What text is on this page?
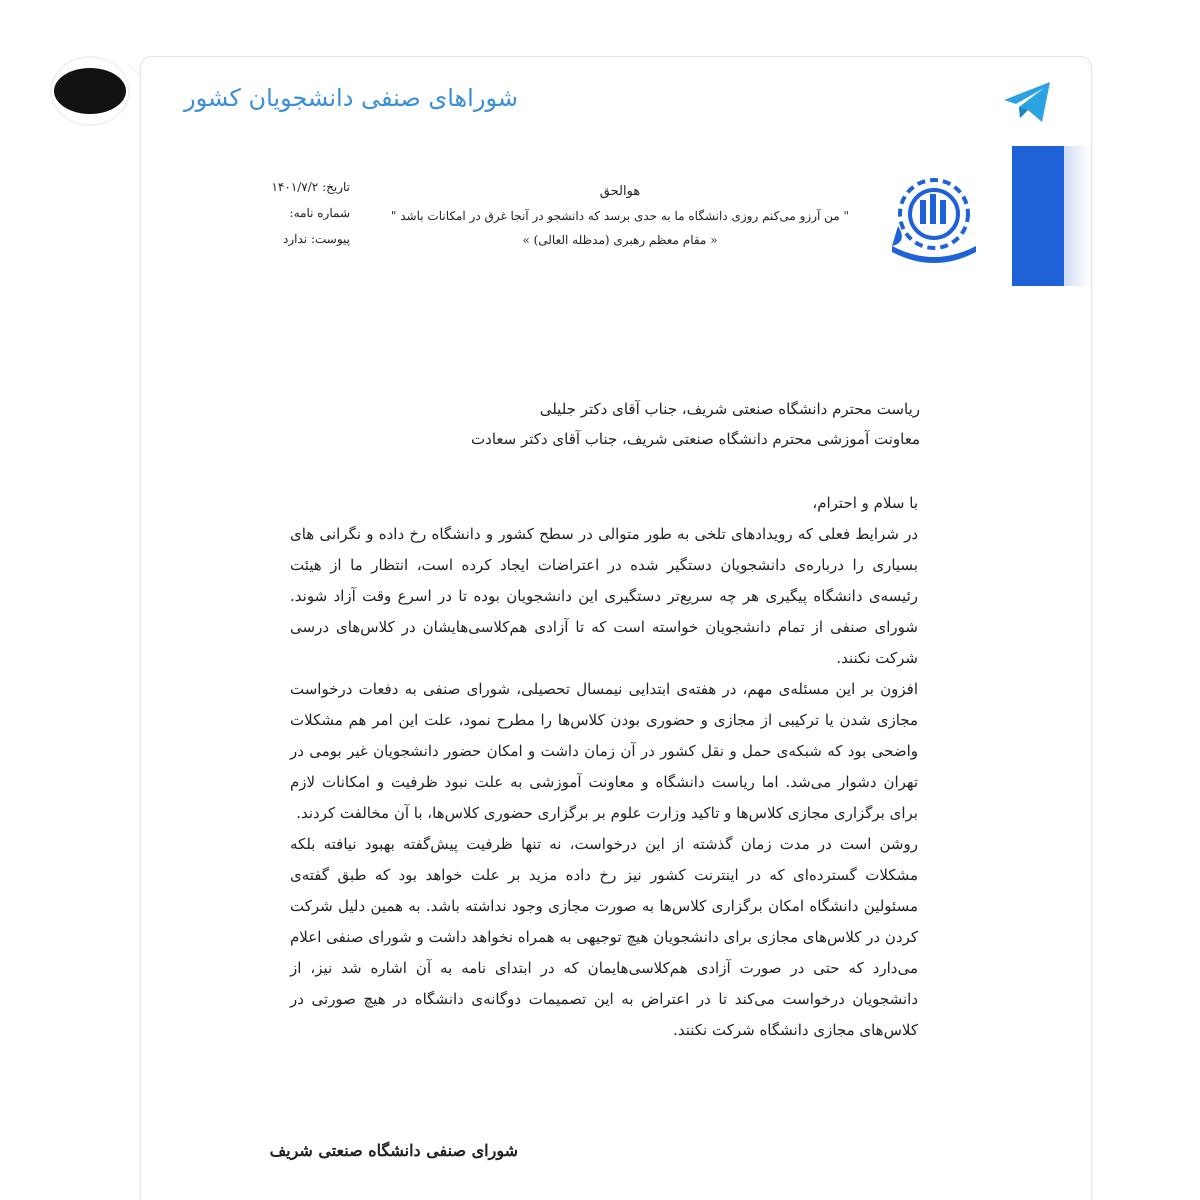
شوراهای صنفی دانشجویان کشور
هوالحق
" من آرزو می‌کنم روزی دانشگاه ما به حدی برسد که دانشجو در آنجا غرق در امکانات باشد "
« مقام معظم رهبری (مدظله العالی) »
تاریخ: ۱۴۰۱/۷/۲
شماره نامه:
پیوست: ندارد
ریاست محترم دانشگاه صنعتی شریف، جناب آقای دکتر جلیلی
معاونت آموزشی محترم دانشگاه صنعتی شریف، جناب آقای دکتر سعادت

با سلام و احترام،

در شرایط فعلی که رویدادهای تلخی به طور متوالی در سطح کشور و دانشگاه رخ داده و نگرانی های بسیاری را درباره‌ی دانشجویان دستگیر شده در اعتراضات ایجاد کرده است، انتظار ما از هیئت رئیسه‌ی دانشگاه پیگیری هر چه سریع‌تر دستگیری این دانشجویان بوده تا در اسرع وقت آزاد شوند. شورای صنفی از تمام دانشجویان خواسته است که تا آزادی هم‌کلاسی‌هایشان در کلاس‌های درسی شرکت نکنند.

افزون بر این مسئله‌ی مهم، در هفته‌ی ابتدایی نیمسال تحصیلی، شورای صنفی به دفعات درخواست مجازی شدن یا ترکیبی از مجازی و حضوری بودن کلاس‌ها را مطرح نمود، علت این امر هم مشکلات واضحی بود که شبکه‌ی حمل و نقل کشور در آن زمان داشت و امکان حضور دانشجویان غیر بومی در تهران دشوار می‌شد. اما ریاست دانشگاه و معاونت آموزشی به علت نبود ظرفیت و امکانات لازم برای برگزاری مجازی کلاس‌ها و تاکید وزارت علوم بر برگزاری حضوری کلاس‌ها، با آن مخالفت کردند.

روشن است در مدت زمان گذشته از این درخواست، نه تنها ظرفیت پیش‌گفته بهبود نیافته بلکه مشکلات گسترده‌ای که در اینترنت کشور نیز رخ داده مزید بر علت خواهد بود که طبق گفته‌ی مسئولین دانشگاه امکان برگزاری کلاس‌ها به صورت مجازی وجود نداشته باشد. به همین دلیل شرکت کردن در کلاس‌های مجازی برای دانشجویان هیچ توجیهی به همراه نخواهد داشت و شورای صنفی اعلام می‌دارد که حتی در صورت آزادی هم‌کلاسی‌هایمان که در ابتدای نامه به آن اشاره شد نیز، از دانشجویان درخواست می‌کند تا در اعتراض به این تصمیمات دوگانه‌ی دانشگاه در هیچ صورتی در کلاس‌های مجازی دانشگاه شرکت نکنند.

شورای صنفی دانشگاه صنعتی شریف
